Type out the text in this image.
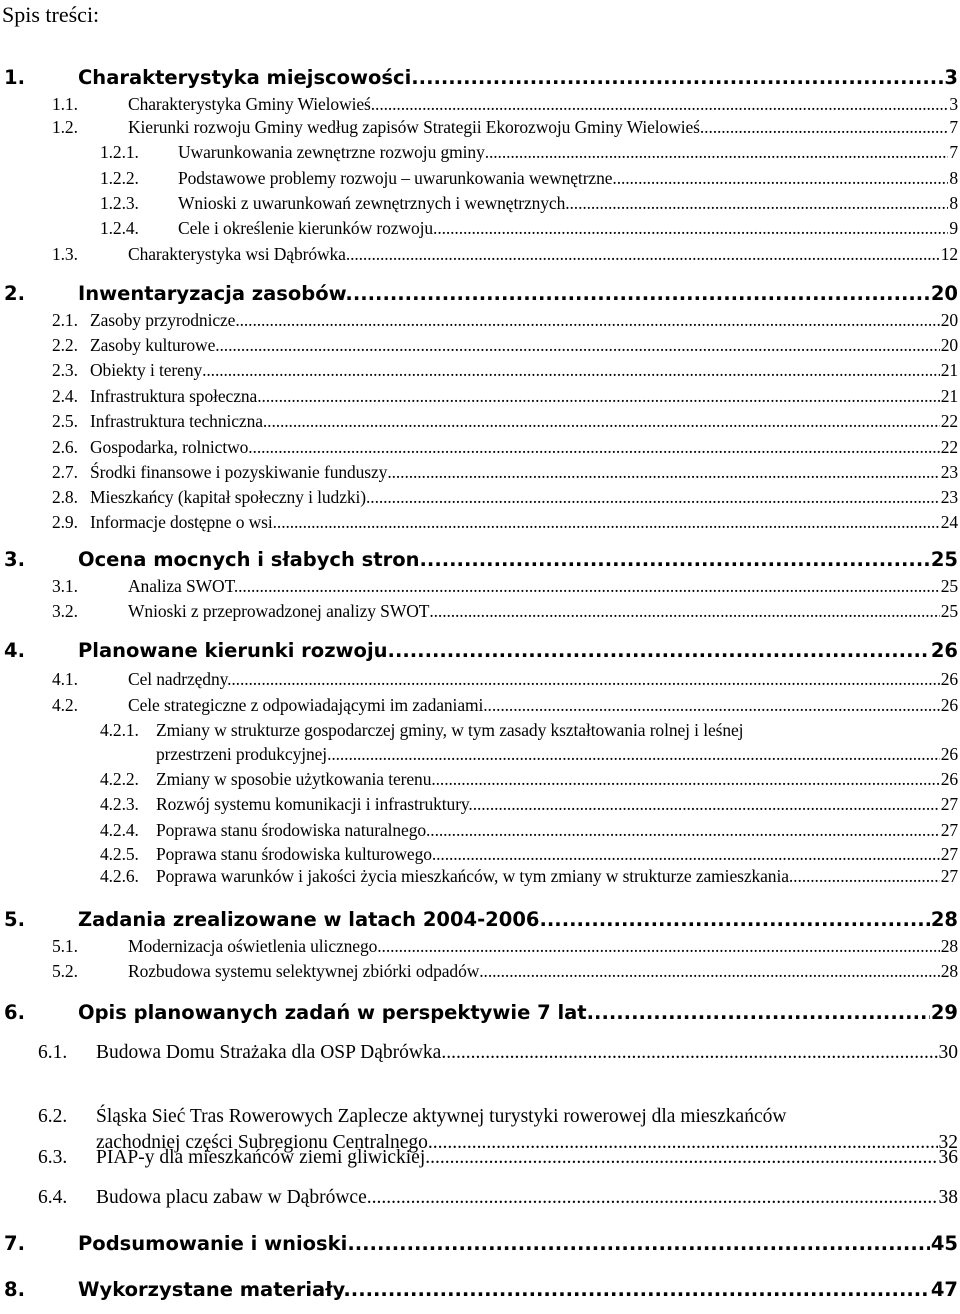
Spis treści:
1.	Charakterystyka miejscowości .....	3
1.1.	Charakterystyka Gminy Wielowieś .....	3
1.2.	Kierunki rozwoju Gminy według zapisów Strategii Ekorozwoju Gminy Wielowieś. .....	7
1.2.1.	Uwarunkowania zewnętrzne rozwoju gminy .....	7
1.2.2.	Podstawowe problemy rozwoju – uwarunkowania wewnętrzne .....	8
1.2.3.	Wnioski z uwarunkowań zewnętrznych i wewnętrznych .....	8
1.2.4.	Cele i określenie kierunków rozwoju .....	9
1.3.	Charakterystyka wsi Dąbrówka. .....	12
2.	Inwentaryzacja zasobów. .....	20
2.1. Zasoby przyrodnicze .....	20
2.2. Zasoby kulturowe .....	20
2.3. Obiekty i tereny .....	21
2.4. Infrastruktura społeczna .....	21
2.5. Infrastruktura techniczna .....	22
2.6. Gospodarka, rolnictwo .....	22
2.7. Środki finansowe i pozyskiwanie funduszy .....	23
2.8. Mieszkańcy (kapitał społeczny i ludzki) .....	23
2.9. Informacje dostępne o wsi .....	24
3.	Ocena mocnych i słabych stron .....	25
3.1.	Analiza SWOT. .....	25
3.2.	Wnioski z przeprowadzonej analizy SWOT .....	25
4.	Planowane kierunki rozwoju. .....	26
4.1.	Cel nadrzędny. .....	26
4.2.	Cele strategiczne z odpowiadającymi im zadaniami. .....	26
4.2.1. Zmiany w strukturze gospodarczej gminy, w tym zasady kształtowania rolnej i leśnej
przestrzeni produkcyjnej. .....	26
4.2.2. Zmiany w sposobie użytkowania terenu. .....	26
4.2.3. Rozwój systemu komunikacji i infrastruktury. .....	27
4.2.4. Poprawa stanu środowiska naturalnego .....	27
4.2.5. Poprawa stanu środowiska kulturowego. .....	27
4.2.6. Poprawa warunków i jakości życia mieszkańców, w tym zmiany w strukturze zamieszkania. .....	27
5.	Zadania zrealizowane w latach 2004-2006 .....	28
5.1.	Modernizacja oświetlenia ulicznego .....	28
5.2.	Rozbudowa systemu selektywnej zbiórki odpadów .....	28
6.	Opis planowanych zadań w perspektywie 7 lat. .....	29
6.1.	Budowa Domu Strażaka dla OSP Dąbrówka. .....	30
6.2.	Śląska Sieć Tras Rowerowych Zaplecze aktywnej turystyki rowerowej dla mieszkańców
zachodniej części Subregionu Centralnego. .....	32
6.3.	PIAP-y dla mieszkańców ziemi gliwickiej .....	36
6.4.	Budowa placu zabaw w Dąbrówce .....	38
7.	Podsumowanie i wnioski. .....	45
8.	Wykorzystane materiały. .....	47
